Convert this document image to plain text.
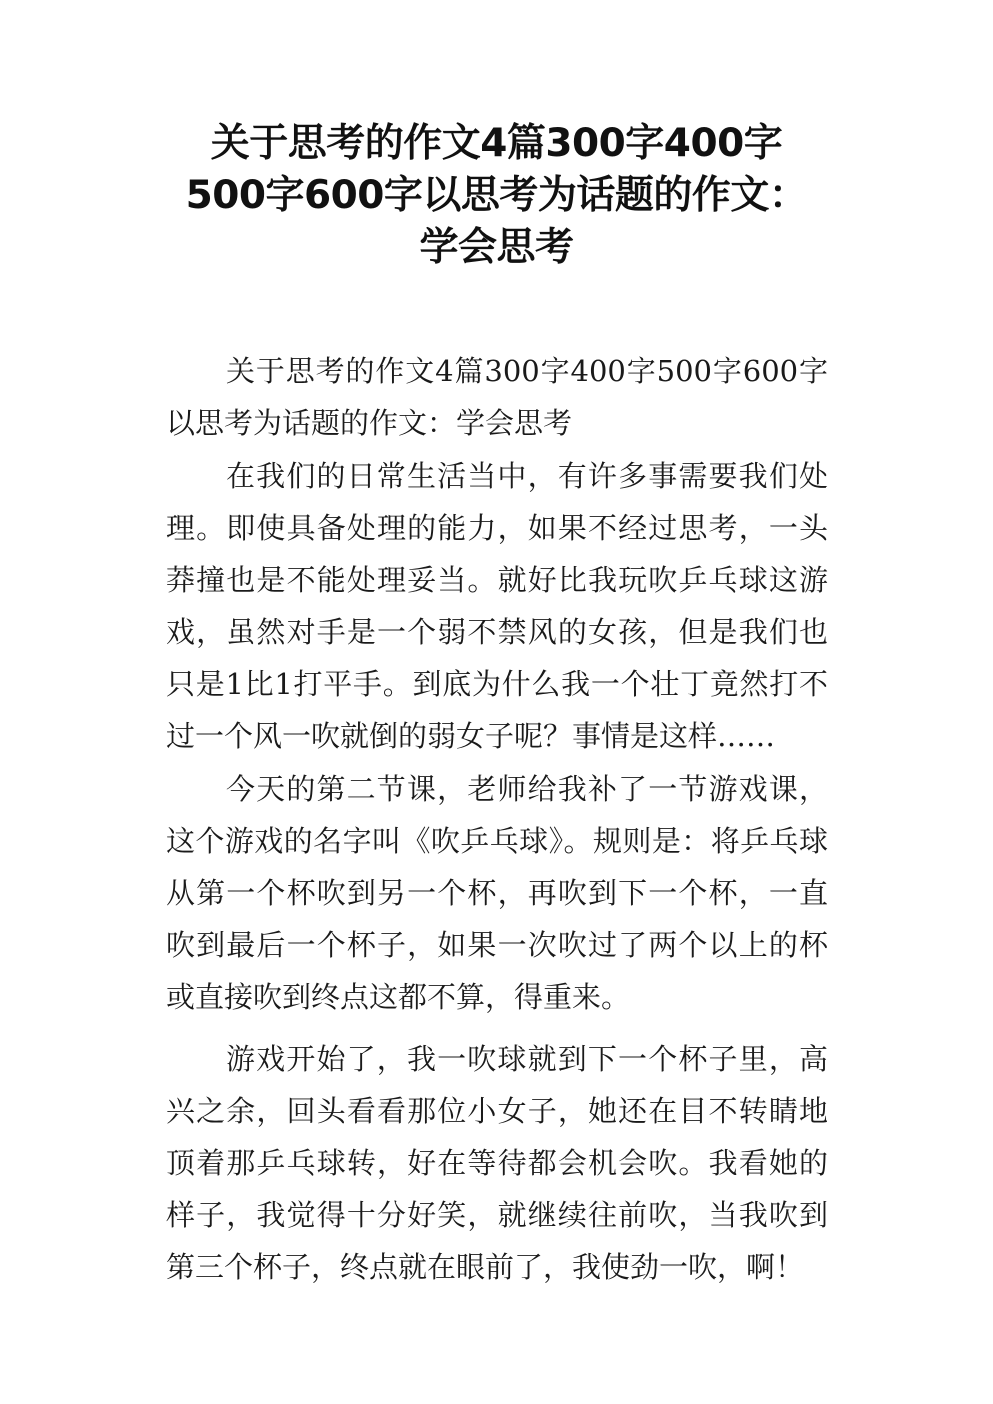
关于思考的作文4篇300字400字
500字600字以思考为话题的作文：
学会思考

关于思考的作文4篇300字400字500字600字以思考为话题的作文：学会思考

在我们的日常生活当中，有许多事需要我们处理。即使具备处理的能力，如果不经过思考，一头莽撞也是不能处理妥当。就好比我玩吹乒乓球这游戏，虽然对手是一个弱不禁风的女孩，但是我们也只是1比1打平手。到底为什么我一个壮丁竟然打不过一个风一吹就倒的弱女子呢？事情是这样……

今天的第二节课，老师给我补了一节游戏课，这个游戏的名字叫《吹乒乓球》。规则是：将乒乓球从第一个杯吹到另一个杯，再吹到下一个杯，一直吹到最后一个杯子，如果一次吹过了两个以上的杯或直接吹到终点这都不算，得重来。

游戏开始了，我一吹球就到下一个杯子里，高兴之余，回头看看那位小女子，她还在目不转睛地顶着那乒乓球转，好在等待都会机会吹。我看她的样子，我觉得十分好笑，就继续往前吹，当我吹到第三个杯子，终点就在眼前了，我使劲一吹，啊！
